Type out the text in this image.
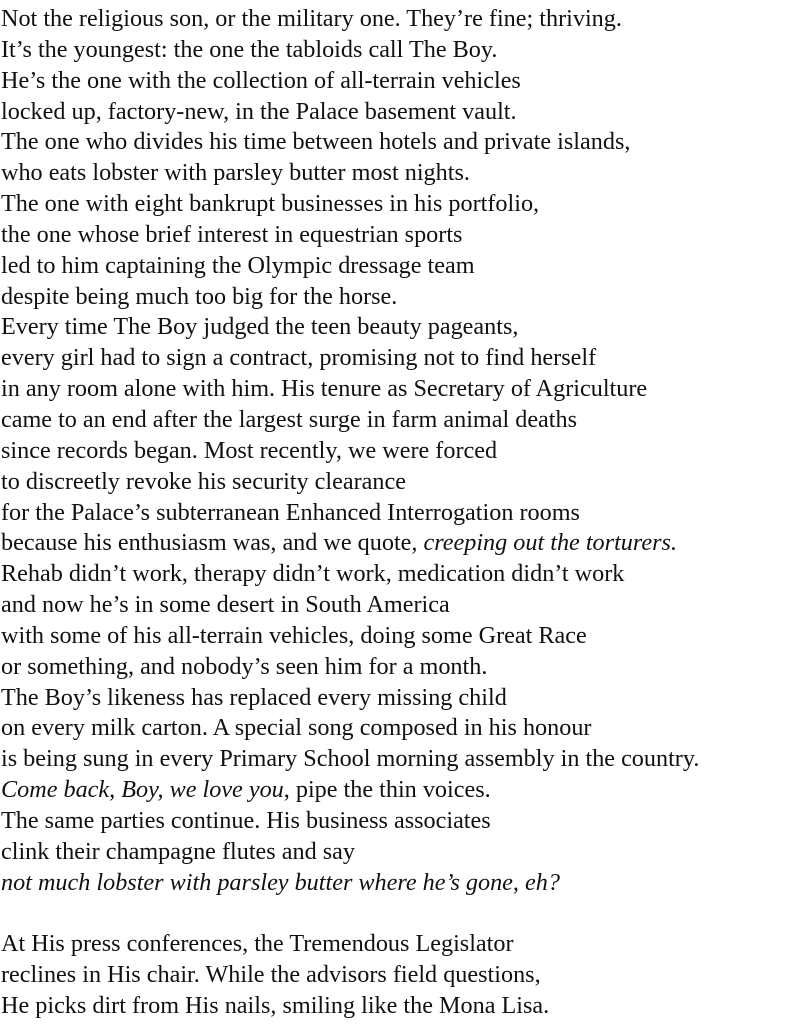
Not the religious son, or the military one. They’re fine; thriving.
It’s the youngest: the one the tabloids call The Boy.
He’s the one with the collection of all-terrain vehicles
locked up, factory-new, in the Palace basement vault.
The one who divides his time between hotels and private islands,
who eats lobster with parsley butter most nights.
The one with eight bankrupt businesses in his portfolio,
the one whose brief interest in equestrian sports
led to him captaining the Olympic dressage team
despite being much too big for the horse.
Every time The Boy judged the teen beauty pageants,
every girl had to sign a contract, promising not to find herself
in any room alone with him. His tenure as Secretary of Agriculture
came to an end after the largest surge in farm animal deaths
since records began. Most recently, we were forced
to discreetly revoke his security clearance
for the Palace’s subterranean Enhanced Interrogation rooms
because his enthusiasm was, and we quote, creeping out the torturers.
Rehab didn’t work, therapy didn’t work, medication didn’t work
and now he’s in some desert in South America
with some of his all-terrain vehicles, doing some Great Race
or something, and nobody’s seen him for a month.
The Boy’s likeness has replaced every missing child
on every milk carton. A special song composed in his honour
is being sung in every Primary School morning assembly in the country.
Come back, Boy, we love you, pipe the thin voices.
The same parties continue. His business associates
clink their champagne flutes and say
not much lobster with parsley butter where he’s gone, eh?
At His press conferences, the Tremendous Legislator
reclines in His chair. While the advisors field questions,
He picks dirt from His nails, smiling like the Mona Lisa.
